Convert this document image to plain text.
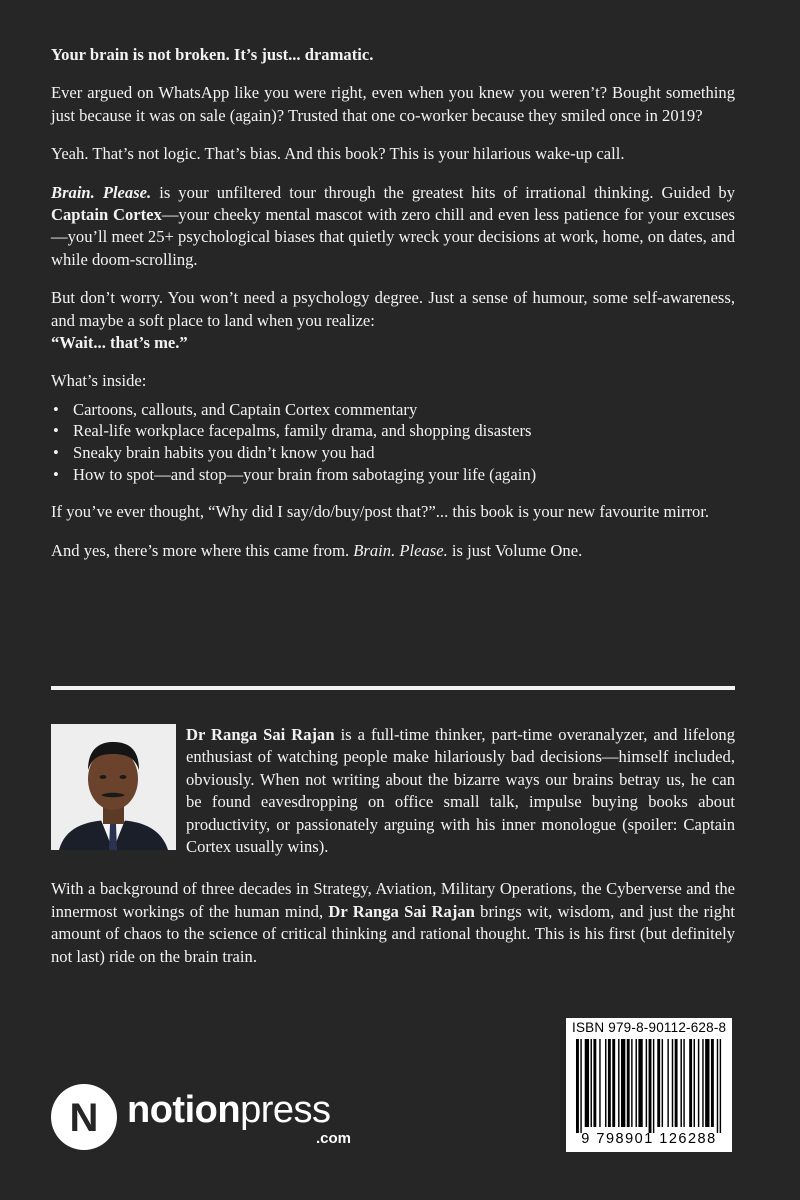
Your brain is not broken. It’s just... dramatic.

Ever argued on WhatsApp like you were right, even when you knew you weren’t? Bought something just because it was on sale (again)? Trusted that one co-worker because they smiled once in 2019?

Yeah. That’s not logic. That’s bias. And this book? This is your hilarious wake-up call.

Brain. Please. is your unfiltered tour through the greatest hits of irrational thinking. Guided by Captain Cortex—your cheeky mental mascot with zero chill and even less patience for your excuses—you’ll meet 25+ psychological biases that quietly wreck your decisions at work, home, on dates, and while doom-scrolling.

But don’t worry. You won’t need a psychology degree. Just a sense of humour, some self-awareness, and maybe a soft place to land when you realize:
“Wait... that’s me.”

What’s inside:
• Cartoons, callouts, and Captain Cortex commentary
• Real-life workplace facepalms, family drama, and shopping disasters
• Sneaky brain habits you didn’t know you had
• How to spot—and stop—your brain from sabotaging your life (again)

If you’ve ever thought, “Why did I say/do/buy/post that?”... this book is your new favourite mirror.

And yes, there’s more where this came from. Brain. Please. is just Volume One.

Dr Ranga Sai Rajan is a full-time thinker, part-time overanalyzer, and lifelong enthusiast of watching people make hilariously bad decisions—himself included, obviously. When not writing about the bizarre ways our brains betray us, he can be found eavesdropping on office small talk, impulse buying books about productivity, or passionately arguing with his inner monologue (spoiler: Captain Cortex usually wins).

With a background of three decades in Strategy, Aviation, Military Operations, the Cyberverse and the innermost workings of the human mind, Dr Ranga Sai Rajan brings wit, wisdom, and just the right amount of chaos to the science of critical thinking and rational thought. This is his first (but definitely not last) ride on the brain train.

ISBN 979-8-90112-628-8
9 798901 126288
N notionpress
.com
